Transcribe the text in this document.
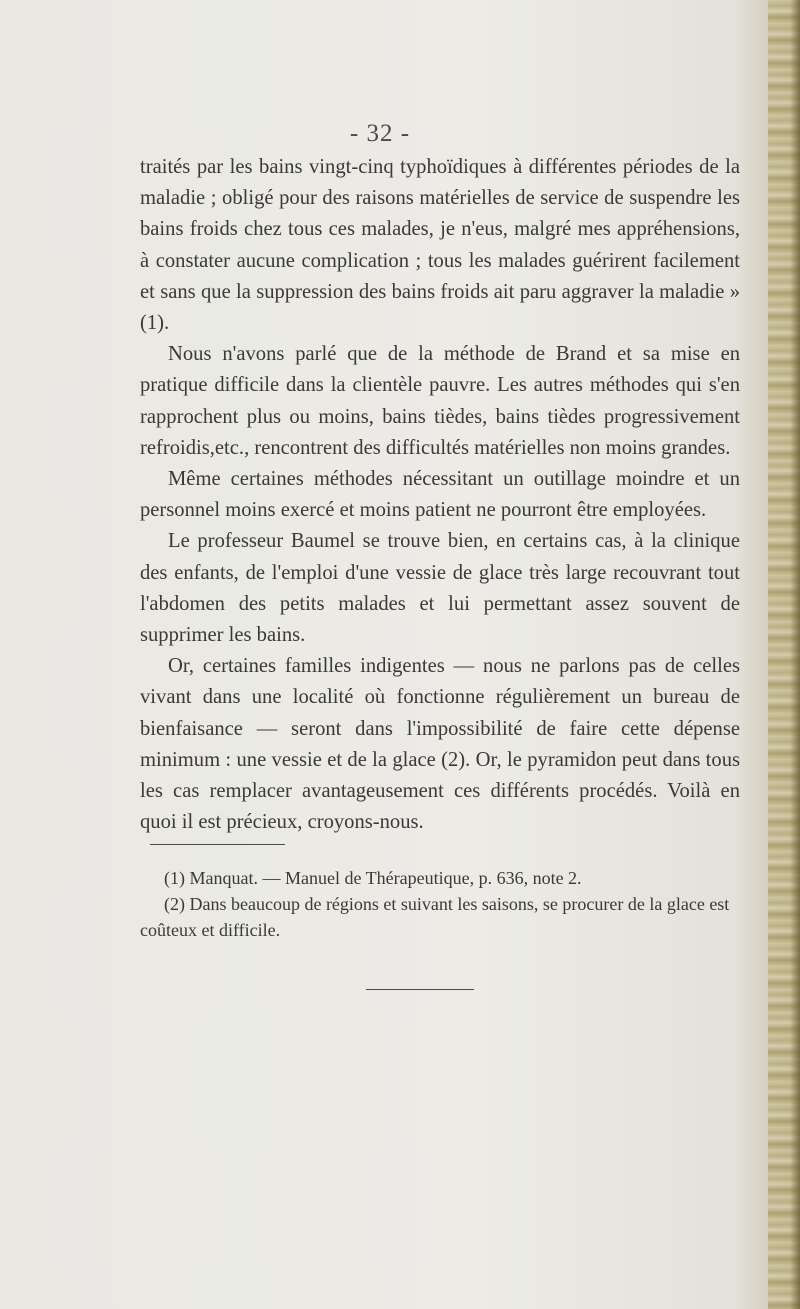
- 32 -

traités par les bains vingt-cinq typhoïdiques à différentes périodes de la maladie ; obligé pour des raisons matérielles de service de suspendre les bains froids chez tous ces malades, je n'eus, malgré mes appréhensions, à constater aucune complication ; tous les malades guérirent facilement et sans que la suppression des bains froids ait paru aggraver la maladie » (1).

Nous n'avons parlé que de la méthode de Brand et sa mise en pratique difficile dans la clientèle pauvre. Les autres méthodes qui s'en rapprochent plus ou moins, bains tièdes, bains tièdes progressivement refroidis,etc., rencontrent des difficultés matérielles non moins grandes.

Même certaines méthodes nécessitant un outillage moindre et un personnel moins exercé et moins patient ne pourront être employées.

Le professeur Baumel se trouve bien, en certains cas, à la clinique des enfants, de l'emploi d'une vessie de glace très large recouvrant tout l'abdomen des petits malades et lui permettant assez souvent de supprimer les bains.

Or, certaines familles indigentes — nous ne parlons pas de celles vivant dans une localité où fonctionne régulièrement un bureau de bienfaisance — seront dans l'impossibilité de faire cette dépense minimum : une vessie et de la glace (2). Or, le pyramidon peut dans tous les cas remplacer avantageusement ces différents procédés. Voilà en quoi il est précieux, croyons-nous.

(1) Manquat. — Manuel de Thérapeutique, p. 636, note 2.

(2) Dans beaucoup de régions et suivant les saisons, se procurer de la glace est coûteux et difficile.
